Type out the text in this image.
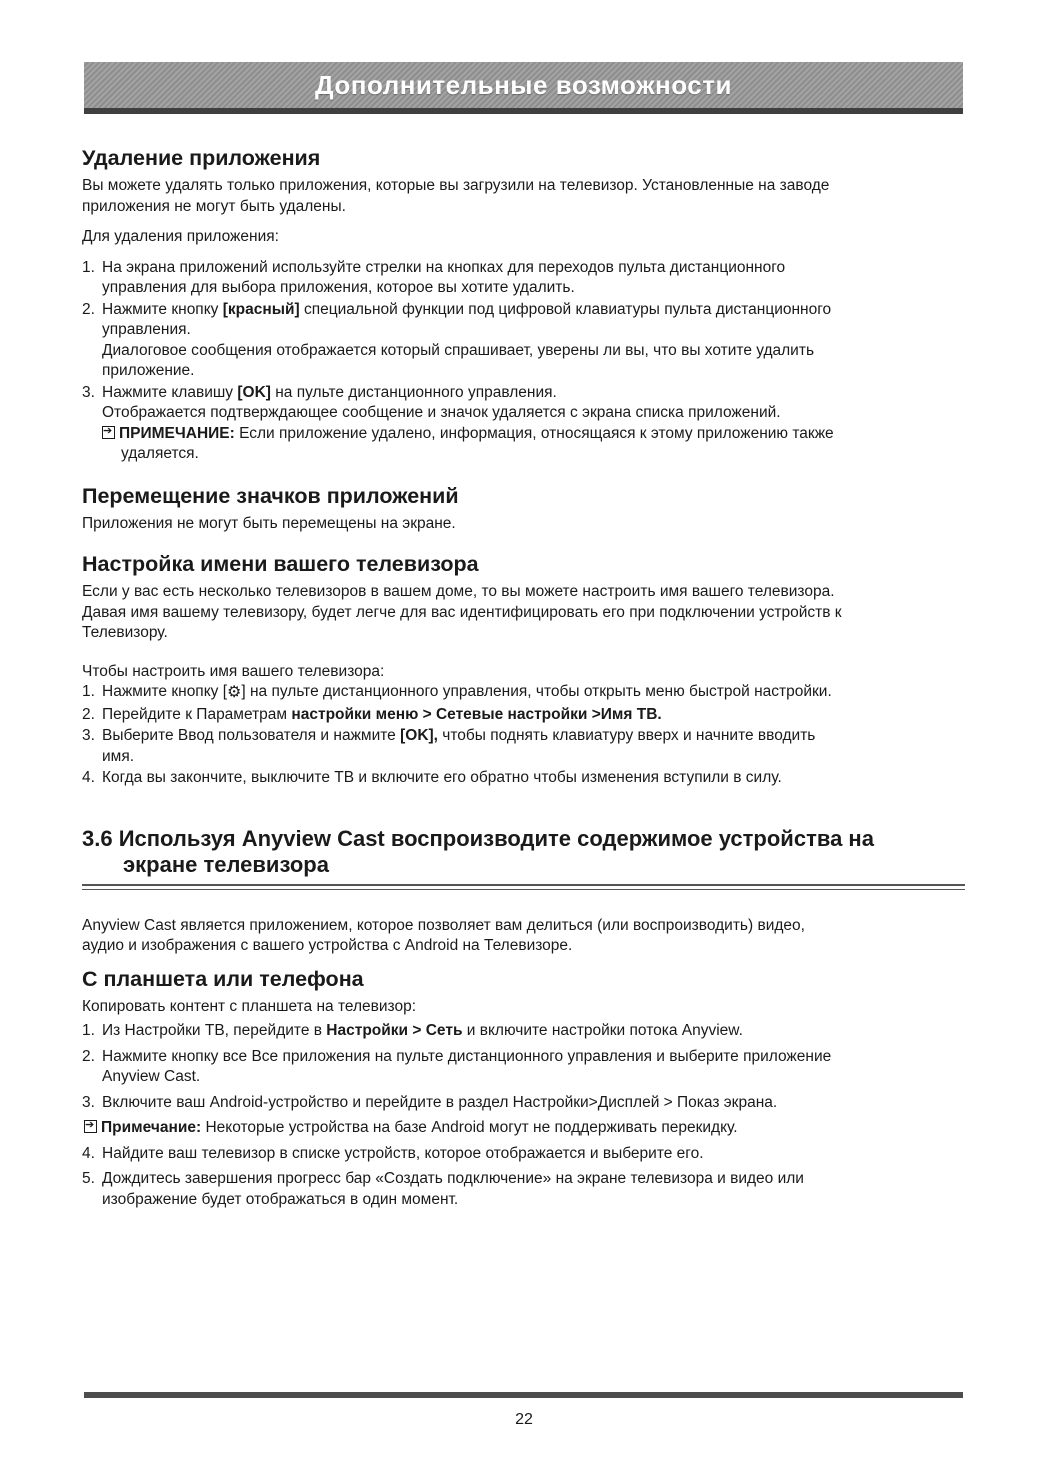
Дополнительные возможности
Удаление приложения

Вы можете удалять только приложения, которые вы загрузили на телевизор. Установленные на заводе
приложения не могут быть удалены.

Для удаления приложения:

1. На экрана приложений используйте стрелки на кнопках для переходов пульта дистанционного
управления для выбора приложения, которое вы хотите удалить.
2. Нажмите кнопку [красный] специальной функции под цифровой клавиатуры пульта дистанционного
управления.
Диалоговое сообщения отображается который спрашивает, уверены ли вы, что вы хотите удалить
приложение.
3. Нажмите клавишу [OK] на пульте дистанционного управления.
Отображается подтверждающее сообщение и значок удаляется с экрана списка приложений.
➔ПРИМЕЧАНИЕ: Если приложение удалено, информация, относящаяся к этому приложению также
удаляется.
Перемещение значков приложений

Приложения не могут быть перемещены на экране.

Настройка имени вашего телевизора

Если у вас есть несколько телевизоров в вашем доме, то вы можете настроить имя вашего телевизора.
Давая имя вашему телевизору, будет легче для вас идентифицировать его при подключении устройств к
Телевизору.

Чтобы настроить имя вашего телевизора:

1. Нажмите кнопку [⚙] на пульте дистанционного управления, чтобы открыть меню быстрой настройки.
2. Перейдите к Параметрам настройки меню > Сетевые настройки >Имя ТВ.
3. Выберите Ввод пользователя и нажмите [OK], чтобы поднять клавиатуру вверх и начните вводить
имя.
4. Когда вы закончите, выключите ТВ и включите его обратно чтобы изменения вступили в силу.
3.6 Используя Anyview Cast воспроизводите содержимое устройства на
экране телевизора

Anyview Cast является приложением, которое позволяет вам делиться (или воспроизводить) видео,
аудио и изображения с вашего устройства с Android на Телевизоре.

С планшета или телефона

Копировать контент с планшета на телевизор:

1. Из Настройки ТВ, перейдите в Настройки > Сеть и включите настройки потока Anyview.
2. Нажмите кнопку все Все приложения на пульте дистанционного управления и выберите приложение
Anyview Cast.
3. Включите ваш Android-устройство и перейдите в раздел Настройки>Дисплей > Показ экрана.
➔Примечание: Некоторые устройства на базе Android могут не поддерживать перекидку.
4. Найдите ваш телевизор в списке устройств, которое отображается и выберите его.
5. Дождитесь завершения прогресс бар «Создать подключение» на экране телевизора и видео или
изображение будет отображаться в один момент.
22
